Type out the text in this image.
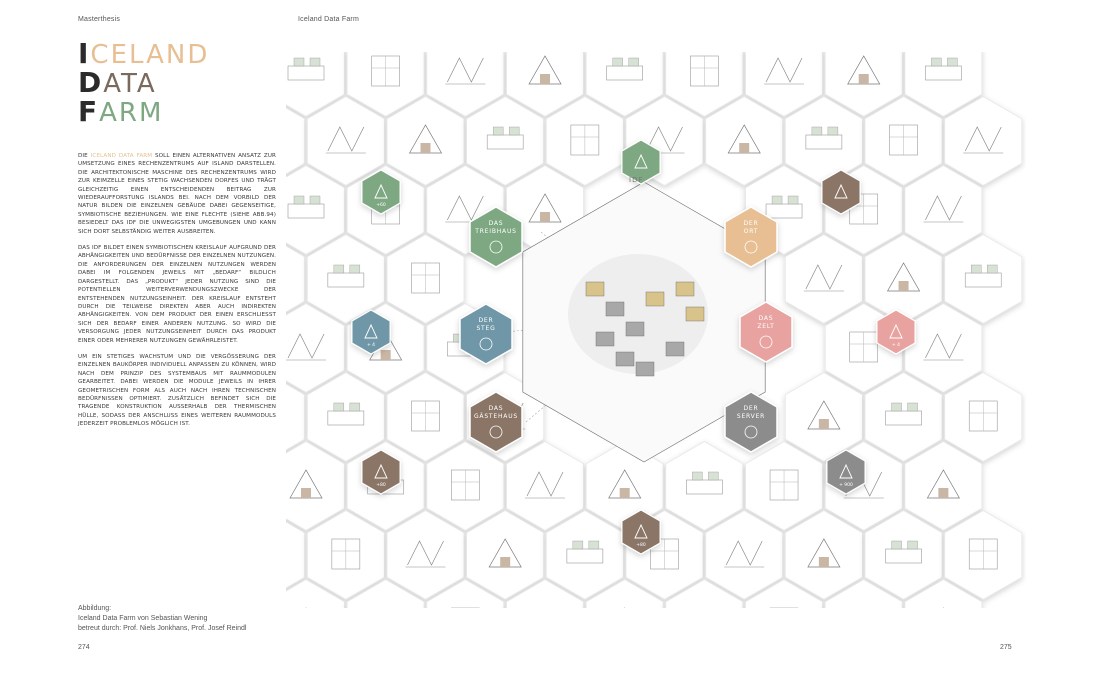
Masterthesis	Iceland Data Farm
ICELAND
DATA
FARM

DIE ICELAND DATA FARM SOLL EINEN ALTERNATIVEN ANSATZ ZUR UMSETZUNG EINES RECHENZENTRUMS AUF ISLAND DARSTELLEN. DIE ARCHITEKTONISCHE MASCHINE DES RECHENZENTRUMS WIRD ZUR KEIMZELLE EINES STETIG WACHSENDEN DORFES UND TRÄGT GLEICHZEITIG EINEN ENTSCHEIDENDEN BEITRAG ZUR WIEDERAUFFORSTUNG ISLANDS BEI. NACH DEM VORBILD DER NATUR BILDEN DIE EINZELNEN GEBÄUDE DABEI GEGENSEITIGE, SYMBIOTISCHE BEZIEHUNGEN. WIE EINE FLECHTE (SIEHE ABB.94) BESIEDELT DAS IDF DIE UNWEGIGSTEN UMGEBUNGEN UND KANN SICH DORT SELBSTÄNDIG WEITER AUSBREITEN.

DAS IDF BILDET EINEN SYMBIOTISCHEN KREISLAUF AUFGRUND DER ABHÄNGIGKEITEN UND BEDÜRFNISSE DER EINZELNEN NUTZUNGEN. DIE ANFORDERUNGEN DER EINZELNEN NUTZUNGEN WERDEN DABEI IM FOLGENDEN JEWEILS MIT „BEDARF“ BILDLICH DARGESTELLT. DAS „PRODUKT“ JEDER NUTZUNG SIND DIE POTENTIELLEN WEITERVERWENDUNGSZWECKE DER ENTSTEHENDEN NUTZUNGSEINHEIT. DER KREISLAUF ENTSTEHT DURCH DIE TEILWEISE DIREKTEN ABER AUCH INDIREKTEN ABHÄNGIGKEITEN. VON DEM PRODUKT DER EINEN ERSCHLIESST SICH DER BEDARF EINER ANDEREN NUTZUNG. SO WIRD DIE VERSORGUNG JEDER NUTZUNGSEINHEIT DURCH DAS PRODUKT EINER ODER MEHRERER NUTZUNGEN GEWÄHRLEISTET.

UM EIN STETIGES WACHSTUM UND DIE VERGÖSSERUNG DER EINZELNEN BAUKÖRPER INDIVIDUELL ANPASSEN ZU KÖNNEN, WIRD NACH DEM PRINZIP DES SYSTEMBAUS MIT RAUMMODULEN GEARBEITET. DABEI WERDEN DIE MODULE JEWEILS IN IHRER GEOMETRISCHEN FORM ALS AUCH NACH IHREN TECHNISCHEN BEDÜRFNISSEN OPTIMIERT. ZUSÄTZLICH BEFINDET SICH DIE TRAGENDE KONSTRUKTION AUSSERHALB DER THERMISCHEN HÜLLE, SODASS DER ANSCHLUSS EINES WEITEREN RAUMMODULS JEDERZEIT PROBLEMLOS MÖGLICH IST.

DAS
TREIBHAUS
DER
ORT
DAS
ZELT
DER
SERVER
DAS
GÄSTEHAUS
DER
STEG
+60
+80
+80
+ 4	+ 4
+ 900
IDF
Abbildung:
Iceland Data Farm von Sebastian Wening
betreut durch: Prof. Niels Jonkhans, Prof. Josef Reindl
274	275
